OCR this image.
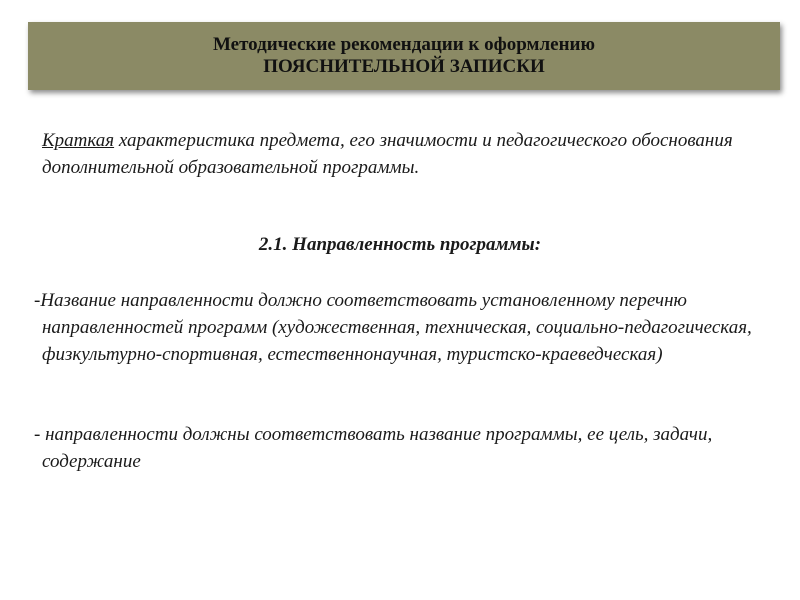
Методические рекомендации к оформлению
ПОЯСНИТЕЛЬНОЙ ЗАПИСКИ
Краткая характеристика предмета, его значимости и педагогического обоснования дополнительной образовательной программы.
2.1. Направленность программы:
-Название направленности должно соответствовать установленному перечню направленностей программ (художественная, техническая, социально-педагогическая, физкультурно-спортивная, естественнонаучная, туристско-краеведческая)
- направленности должны соответствовать название программы, ее цель, задачи, содержание
